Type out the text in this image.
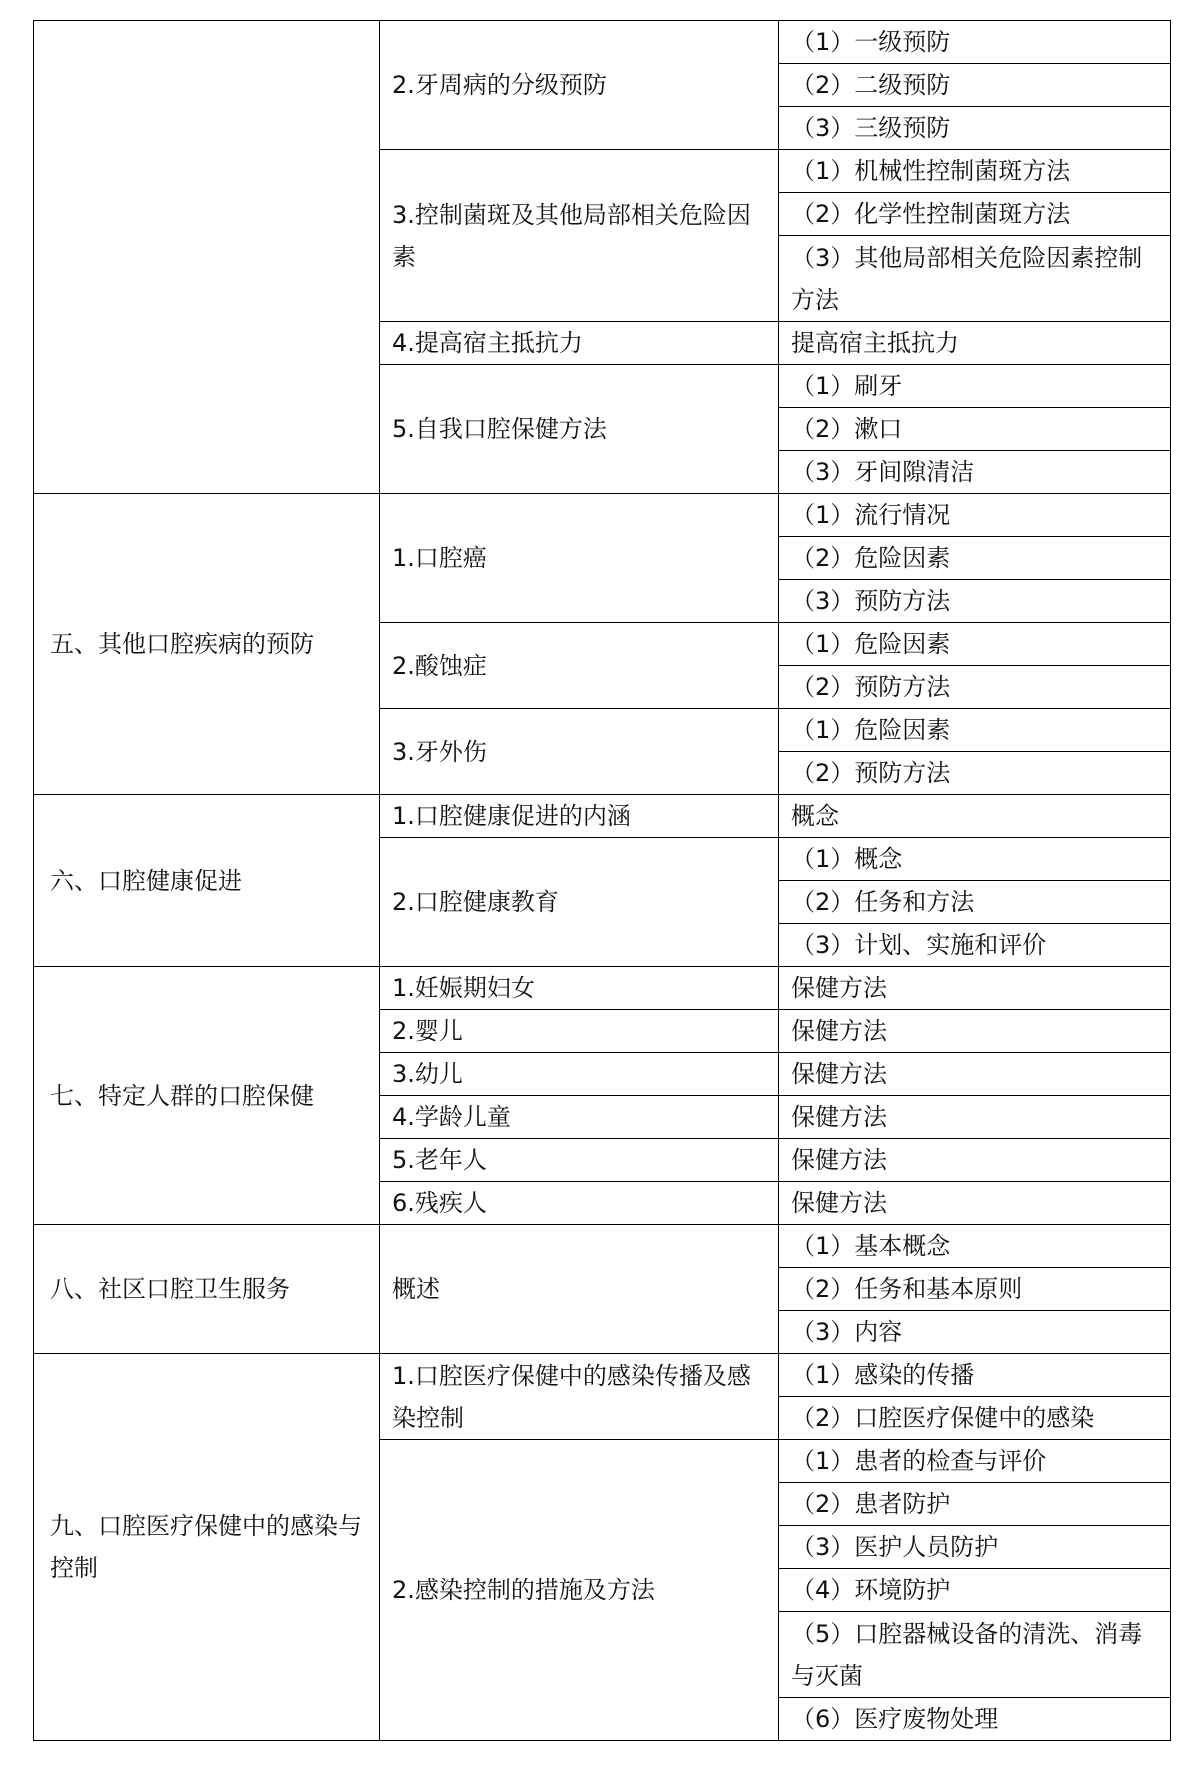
	2.牙周病的分级预防	（1）一级预防
		（2）二级预防
		（3）三级预防
	3.控制菌斑及其他局部相关危险因素	（1）机械性控制菌斑方法
		（2）化学性控制菌斑方法
		（3）其他局部相关危险因素控制方法
	4.提高宿主抵抗力	提高宿主抵抗力
	5.自我口腔保健方法	（1）刷牙
		（2）漱口
		（3）牙间隙清洁
五、其他口腔疾病的预防	1.口腔癌	（1）流行情况
		（2）危险因素
		（3）预防方法
	2.酸蚀症	（1）危险因素
		（2）预防方法
	3.牙外伤	（1）危险因素
		（2）预防方法
六、口腔健康促进	1.口腔健康促进的内涵	概念
	2.口腔健康教育	（1）概念
		（2）任务和方法
		（3）计划、实施和评价
七、特定人群的口腔保健	1.妊娠期妇女	保健方法
	2.婴儿	保健方法
	3.幼儿	保健方法
	4.学龄儿童	保健方法
	5.老年人	保健方法
	6.残疾人	保健方法
八、社区口腔卫生服务	概述	（1）基本概念
		（2）任务和基本原则
		（3）内容
九、口腔医疗保健中的感染与控制	1.口腔医疗保健中的感染传播及感染控制	（1）感染的传播
		（2）口腔医疗保健中的感染
	2.感染控制的措施及方法	（1）患者的检查与评价
		（2）患者防护
		（3）医护人员防护
		（4）环境防护
		（5）口腔器械设备的清洗、消毒与灭菌
		（6）医疗废物处理
